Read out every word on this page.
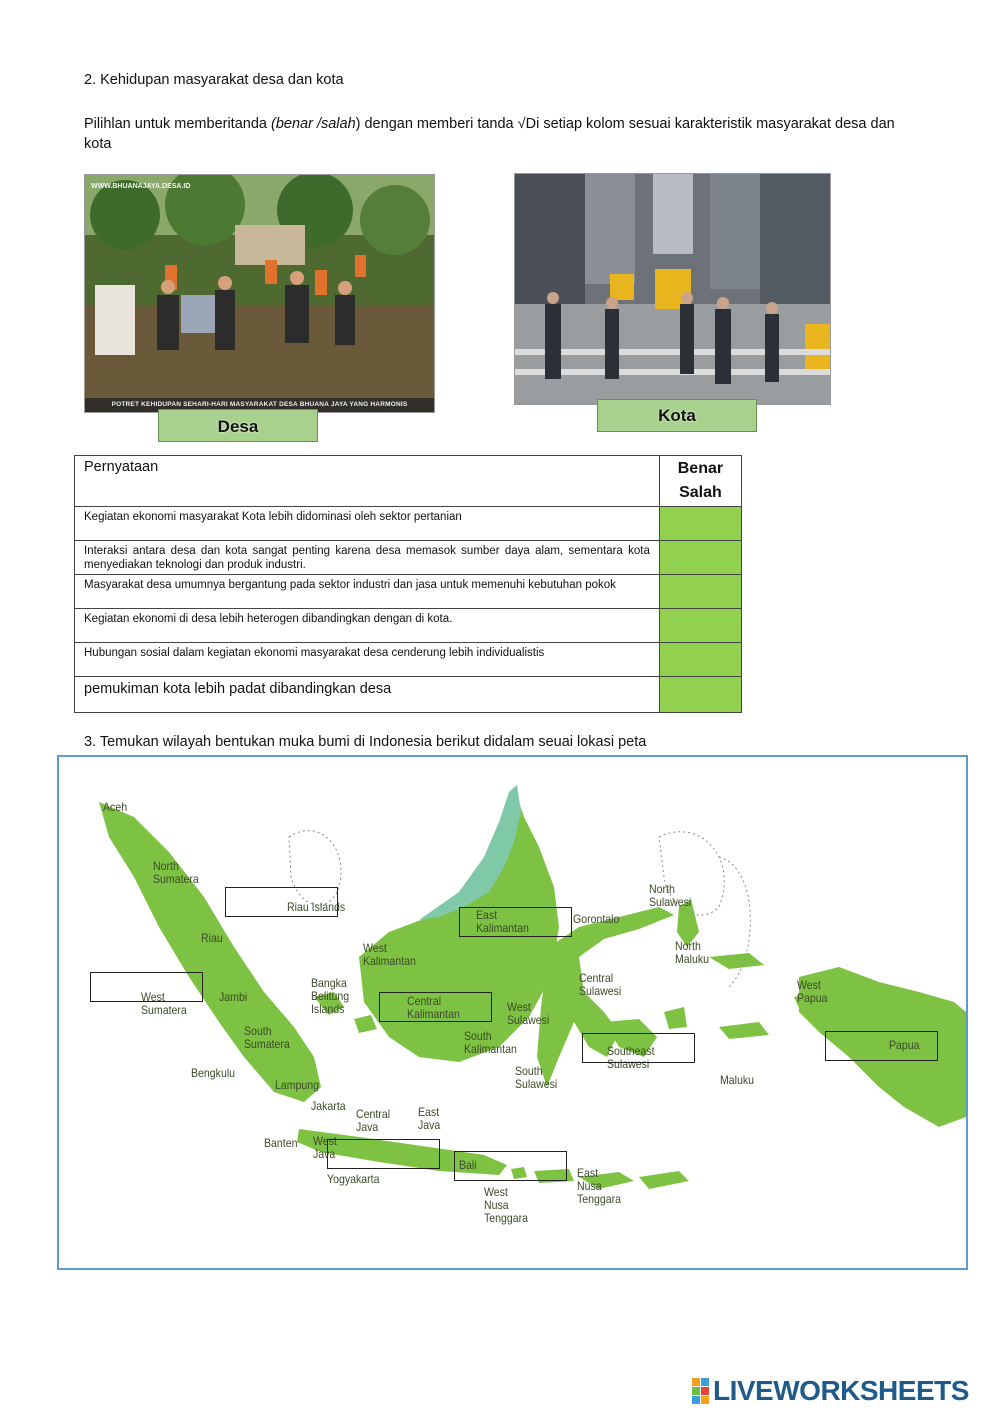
2. Kehidupan masyarakat desa dan kota
Pilihlan untuk memberitanda (benar /salah) dengan memberi tanda √Di setiap kolom sesuai karakteristik masyarakat desa dan kota
WWW.BHUANAJAYA.DESA.ID
POTRET KEHIDUPAN SEHARI-HARI MASYARAKAT DESA BHUANA JAYA YANG HARMONIS
Desa
Kota
Pernyataan	Benar
Salah
Kegiatan ekonomi masyarakat Kota lebih didominasi oleh sektor pertanian	
Interaksi antara desa dan kota sangat penting karena desa memasok sumber daya alam, sementara kota menyediakan teknologi dan produk industri.	
Masyarakat desa umumnya bergantung pada sektor industri dan jasa untuk memenuhi kebutuhan pokok	
Kegiatan ekonomi di desa lebih heterogen dibandingkan dengan di kota.	
Hubungan sosial dalam kegiatan ekonomi masyarakat desa cenderung lebih individualistis	
pemukiman kota lebih padat dibandingkan desa	
3. Temukan wilayah bentukan muka bumi di Indonesia berikut didalam seuai lokasi peta
Aceh
North Sumatera
Riau Islands
Riau
West Sumatera
Jambi
Bangka Belitung Islands
South Sumatera
Bengkulu
Lampung
Jakarta
Banten West Java
Central Java
East Java
Yogyakarta
Bali
West Nusa Tenggara
East Nusa Tenggara
West Kalimantan
Central Kalimantan
South Kalimantan
East Kalimantan
West Sulawesi
South Sulawesi
Central Sulawesi
Southeast Sulawesi
Gorontalo
North Sulawesi
North Maluku
Maluku
West Papua
Papua
LIVEWORKSHEETS
